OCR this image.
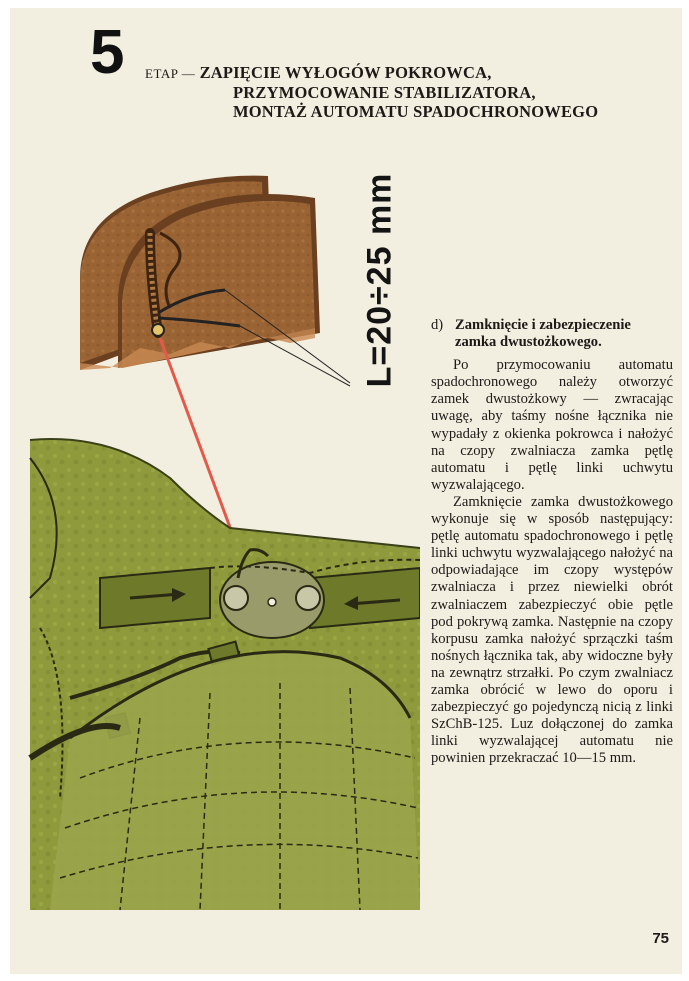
5 ETAP — ZAPIĘCIE WYŁOGÓW POKROWCA,
PRZYMOCOWANIE STABILIZATORA,
MONTAŻ AUTOMATU SPADOCHRONOWEGO
L=20÷25 mm d) Zamknięcie i zabezpieczenie zamka dwustożkowego.

Po przymocowaniu automatu spadochronowego należy otworzyć zamek dwustożkowy — zwracając uwagę, aby taśmy nośne łącznika nie wypadały z okienka pokrowca i nałożyć na czopy zwalniacza zamka pętlę automatu i pętlę linki uchwytu wyzwalającego.

Zamknięcie zamka dwustożkowego wykonuje się w sposób następujący: pętlę automatu spadochronowego i pętlę linki uchwytu wyzwalającego nałożyć na odpowiadające im czopy występów zwalniacza i przez niewielki obrót zwalniaczem zabezpieczyć obie pętle pod pokrywą zamka. Następnie na czopy korpusu zamka nałożyć sprzączki taśm nośnych łącznika tak, aby widoczne były na zewnątrz strzałki. Po czym zwalniacz zamka obrócić w lewo do oporu i zabezpieczyć go pojedynczą nicią z linki SzChB-125. Luz dołączonej do zamka linki wyzwalającej automatu nie powinien przekraczać 10—15 mm.

75
